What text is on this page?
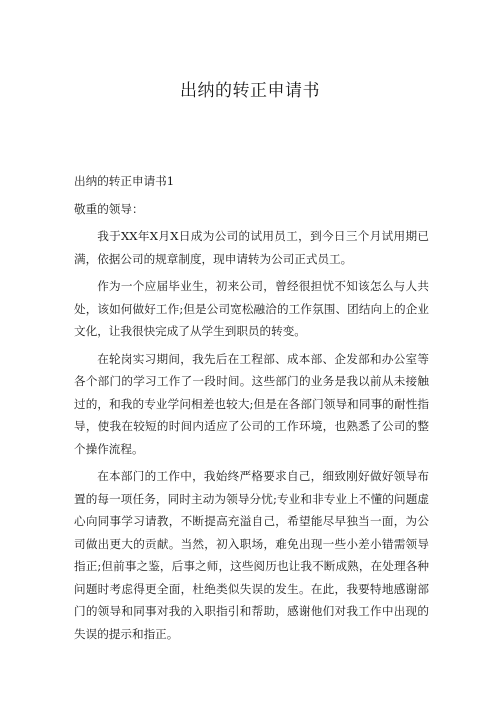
出纳的转正申请书

出纳的转正申请书1

敬重的领导：

我于XX年X月X日成为公司的试用员工，到今日三个月试用期已满，依据公司的规章制度，现申请转为公司正式员工。

作为一个应届毕业生，初来公司，曾经很担忧不知该怎么与人共处，该如何做好工作;但是公司宽松融洽的工作氛围、团结向上的企业文化，让我很快完成了从学生到职员的转变。

在轮岗实习期间，我先后在工程部、成本部、企发部和办公室等各个部门的学习工作了一段时间。这些部门的业务是我以前从未接触过的，和我的专业学问相差也较大;但是在各部门领导和同事的耐性指导，使我在较短的时间内适应了公司的工作环境，也熟悉了公司的整个操作流程。

在本部门的工作中，我始终严格要求自己，细致刚好做好领导布置的每一项任务，同时主动为领导分忧;专业和非专业上不懂的问题虚心向同事学习请教，不断提高充溢自己，希望能尽早独当一面，为公司做出更大的贡献。当然，初入职场，难免出现一些小差小错需领导指正;但前事之鉴，后事之师，这些阅历也让我不断成熟，在处理各种问题时考虑得更全面，杜绝类似失误的发生。在此，我要特地感谢部门的领导和同事对我的入职指引和帮助，感谢他们对我工作中出现的失误的提示和指正。
